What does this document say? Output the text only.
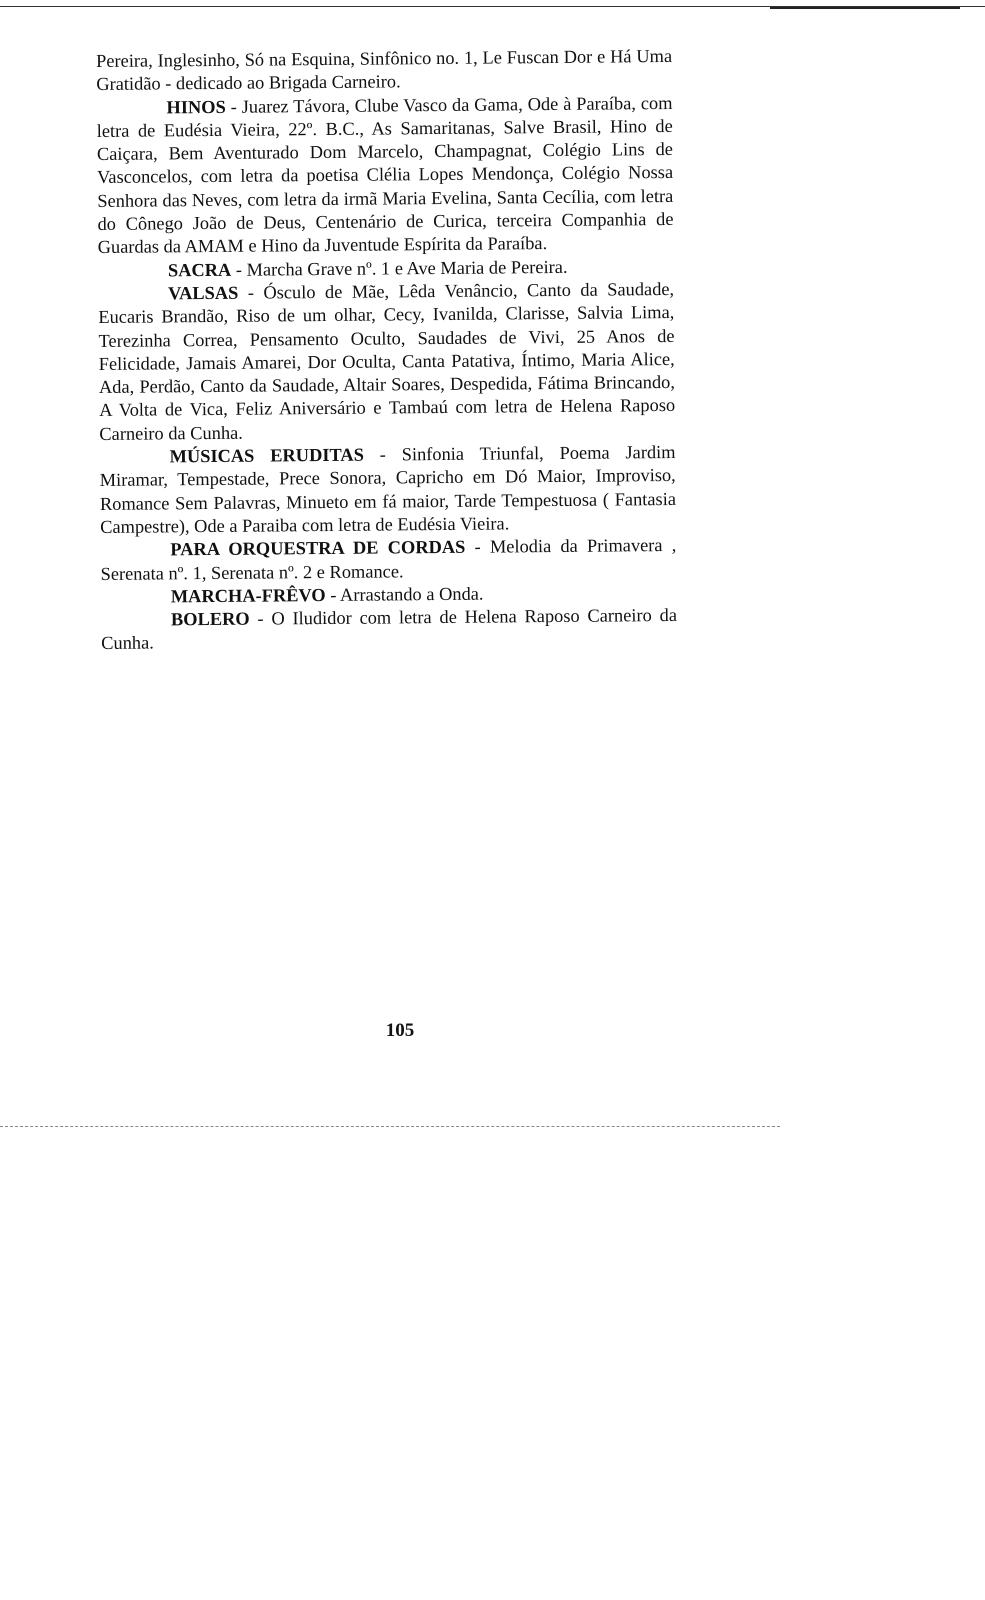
Pereira, Inglesinho, Só na Esquina, Sinfônico no. 1, Le Fuscan Dor e Há Uma Gratidão - dedicado ao Brigada Carneiro.

HINOS - Juarez Távora, Clube Vasco da Gama, Ode à Paraíba, com letra de Eudésia Vieira, 22º. B.C., As Samaritanas, Salve Brasil, Hino de Caiçara, Bem Aventurado Dom Marcelo, Champagnat, Colégio Lins de Vasconcelos, com letra da poetisa Clélia Lopes Mendonça, Colégio Nossa Senhora das Neves, com letra da irmã Maria Evelina, Santa Cecília, com letra do Cônego João de Deus, Centenário de Curica, terceira Companhia de Guardas da AMAM e Hino da Juventude Espírita da Paraíba.

SACRA - Marcha Grave nº. 1 e Ave Maria de Pereira.

VALSAS - Ósculo de Mãe, Lêda Venâncio, Canto da Saudade, Eucaris Brandão, Riso de um olhar, Cecy, Ivanilda, Clarisse, Salvia Lima, Terezinha Correa, Pensamento Oculto, Saudades de Vivi, 25 Anos de Felicidade, Jamais Amarei, Dor Oculta, Canta Patativa, Íntimo, Maria Alice, Ada, Perdão, Canto da Saudade, Altair Soares, Despedida, Fátima Brincando, A Volta de Vica, Feliz Aniversário e Tambaú com letra de Helena Raposo Carneiro da Cunha.

MÚSICAS ERUDITAS - Sinfonia Triunfal, Poema Jardim Miramar, Tempestade, Prece Sonora, Capricho em Dó Maior, Improviso, Romance Sem Palavras, Minueto em fá maior, Tarde Tempestuosa ( Fantasia Campestre), Ode a Paraiba com letra de Eudésia Vieira.

PARA ORQUESTRA DE CORDAS - Melodia da Primavera , Serenata nº. 1, Serenata nº. 2 e Romance.

MARCHA-FRÊVO - Arrastando a Onda.

BOLERO - O Iludidor com letra de Helena Raposo Carneiro da Cunha.

105
